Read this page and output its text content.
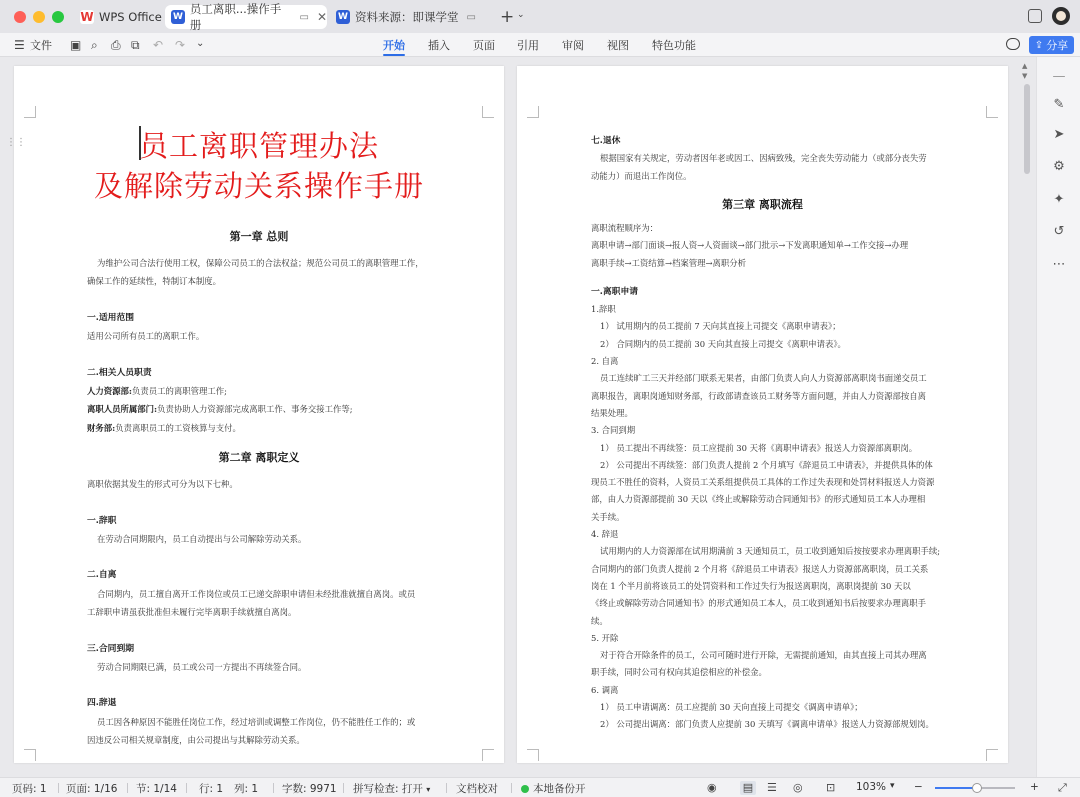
W WPS Office W
员工离职...操作手册
▭ ✕ W 资料来源：即课学堂 ▭ + ⌄
☰ 文件 ▣ ⌕ ⎙ ⧉ ↶ ↷ ⌄	开始 插入 页面 引用 审阅 视图 特色功能	⇪ 分享
员工离职管理办法
及解除劳动关系操作手册
第一章 总则
为维护公司合法行使用工权，保障公司员工的合法权益；规范公司员工的离职管理工作，
确保工作的延续性，特制订本制度。
一.适用范围
适用公司所有员工的离职工作。
二.相关人员职责
人力资源部:负责员工的离职管理工作;
离职人员所属部门:负责协助人力资源部完成离职工作、事务交接工作等;
财务部:负责离职员工的工资核算与支付。
第二章 离职定义
离职依据其发生的形式可分为以下七种。
一.辞职
在劳动合同期限内，员工自动提出与公司解除劳动关系。
二.自离
合同期内，员工擅自离开工作岗位或员工已递交辞职申请但未经批准就擅自离岗。或员
工辞职申请虽获批准但未履行完毕离职手续就擅自离岗。
三.合同到期
劳动合同期限已满，员工或公司一方提出不再续签合同。
四.辞退
员工因各种原因不能胜任岗位工作，经过培训或调整工作岗位，仍不能胜任工作的；或
因违反公司相关规章制度，由公司提出与其解除劳动关系。
⋮⋮	七.退休
根据国家有关规定，劳动者因年老或因工、因病致残，完全丧失劳动能力（或部分丧失劳
动能力）而退出工作岗位。
第三章 离职流程
离职流程顺序为：
离职申请→部门面谈→报人资→人资面谈→部门批示→下发离职通知单→工作交接→办理
离职手续→工资结算→档案管理→离职分析
一.离职申请
1.辞职
1） 试用期内的员工提前 7 天向其直接上司提交《离职申请表》；
2） 合同期内的员工提前 30 天向其直接上司提交《离职申请表》。
2. 自离
员工连续旷工三天并经部门联系无果者，由部门负责人向人力资源部离职岗书面递交员工
离职报告，离职岗通知财务部，行政部请查该员工财务等方面问题，并由人力资源部按自离
结果处理。
3. 合同到期
1） 员工提出不再续签：员工应提前 30 天将《离职申请表》报送人力资源部离职岗。
2） 公司提出不再续签：部门负责人提前 2 个月填写《辞退员工申请表》，并提供具体的体
现员工不胜任的资料，人资员工关系组提供员工具体的工作过失表现和处罚材料报送人力资源
部，由人力资源部提前 30 天以《终止或解除劳动合同通知书》的形式通知员工本人办理相
关手续。
4. 辞退
试用期内的人力资源部在试用期满前 3 天通知员工，员工收到通知后按按要求办理离职手续;
合同期内的部门负责人提前 2 个月将《辞退员工申请表》报送人力资源部离职岗，员工关系
岗在 1 个半月前将该员工的处罚资料和工作过失行为报送离职岗，离职岗提前 30 天以
《终止或解除劳动合同通知书》的形式通知员工本人，员工收到通知书后按要求办理离职手
续。
5. 开除
对于符合开除条件的员工，公司可随时进行开除，无需提前通知，由其直接上司其办理离
职手续，同时公司有权向其追偿相应的补偿金。
6. 调离
1） 员工申请调离：员工应提前 30 天向直接上司提交《调离申请单》；
2） 公司提出调离：部门负责人应提前 30 天填写《调离申请单》报送人力资源部规划岗。
▲
▼ —
✎
➤
⚙
✦
↺
⋯
页码: 1 页面: 1/16 节: 1/14 行: 1 列: 1 字数: 9971 拼写检查: 打开 ▾ 文档校对	本地备份开	◉ ▤ ☰ ◎ ⊡ 103% ▾ −	+ ⤢
